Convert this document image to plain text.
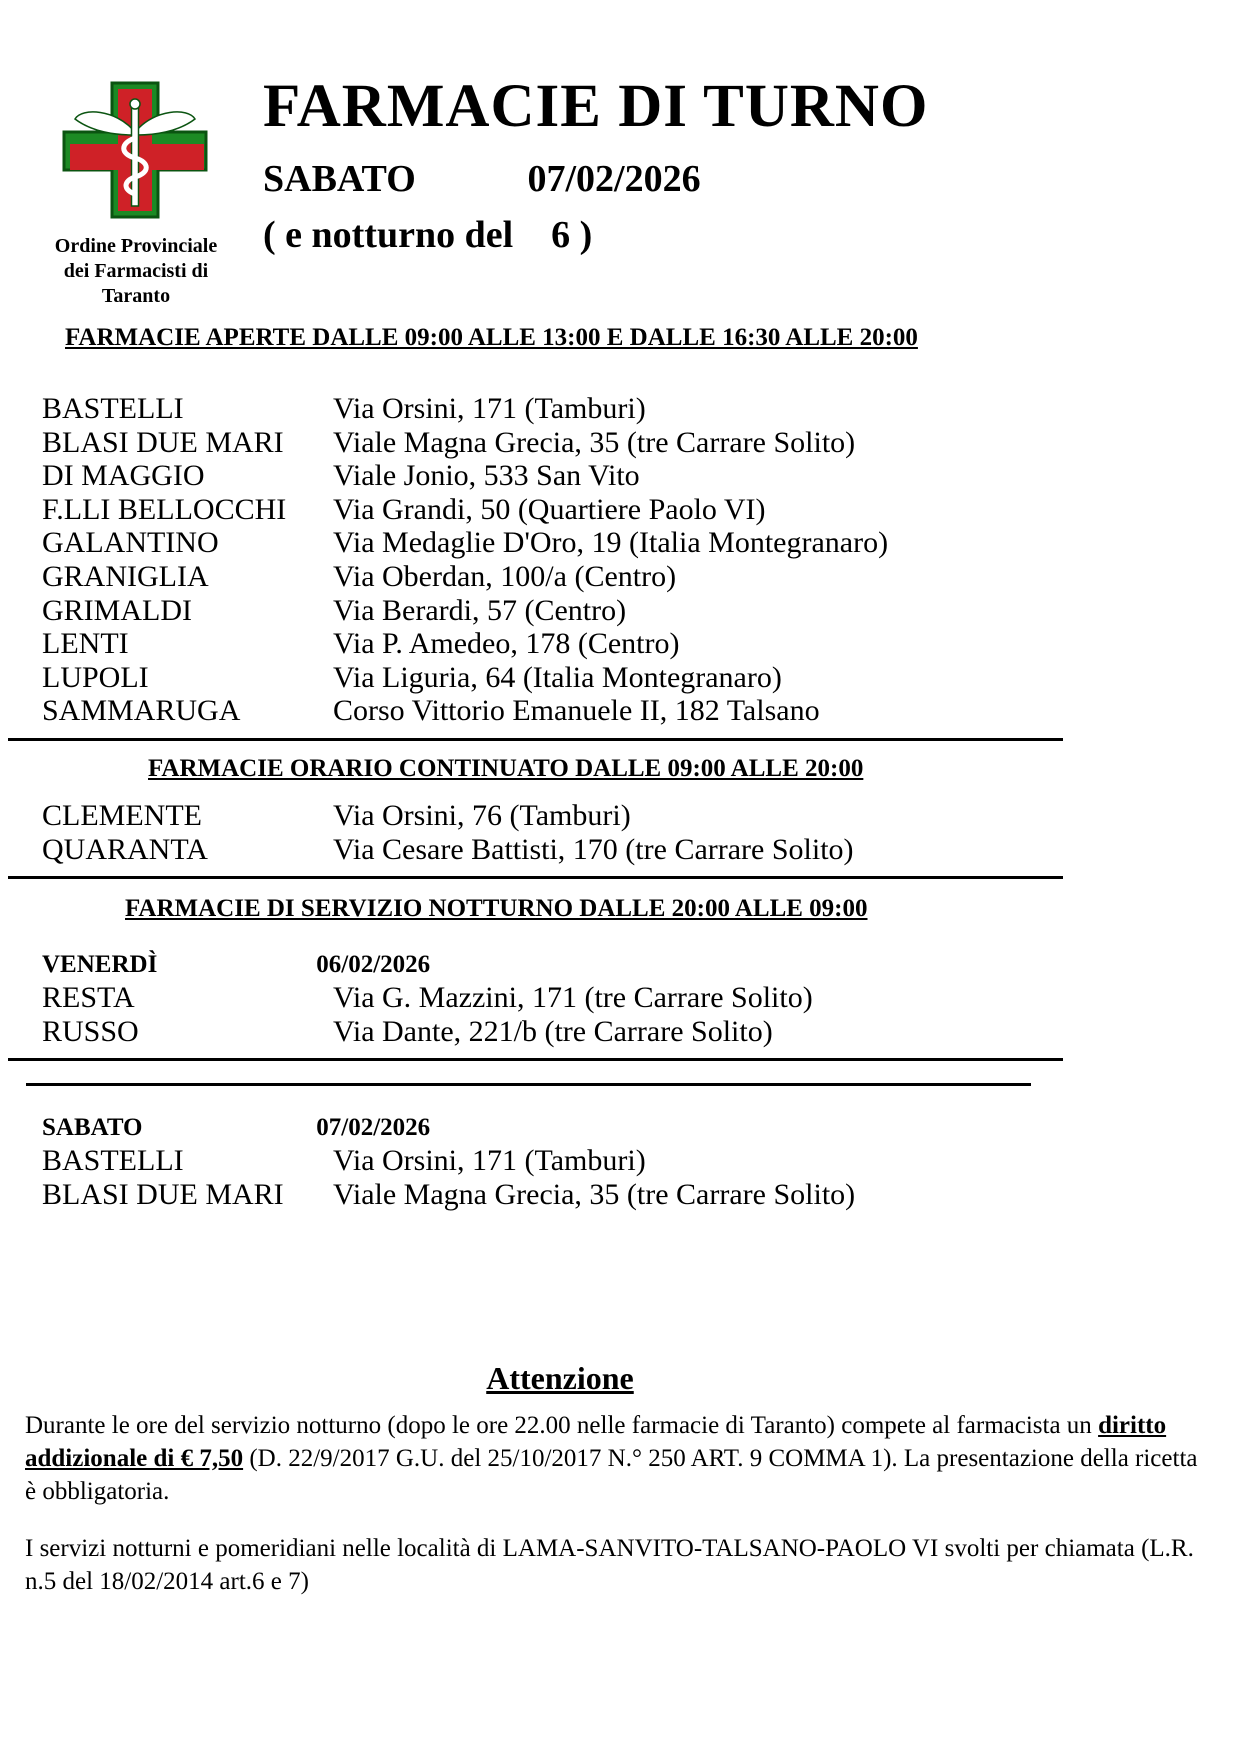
Ordine Provinciale
dei Farmacisti di
Taranto
FARMACIE DI TURNO
SABATO	07/02/2026
( e notturno del    6 )
FARMACIE APERTE DALLE 09:00 ALLE 13:00 E DALLE 16:30 ALLE 20:00
BASTELLI	Via Orsini, 171 (Tamburi)
BLASI DUE MARI	Viale Magna Grecia, 35 (tre Carrare Solito)
DI MAGGIO	Viale Jonio, 533 San Vito
F.LLI BELLOCCHI	Via Grandi, 50 (Quartiere Paolo VI)
GALANTINO	Via Medaglie D'Oro, 19 (Italia Montegranaro)
GRANIGLIA	Via Oberdan, 100/a (Centro)
GRIMALDI	Via Berardi, 57 (Centro)
LENTI	Via P. Amedeo, 178 (Centro)
LUPOLI	Via Liguria, 64 (Italia Montegranaro)
SAMMARUGA	Corso Vittorio Emanuele II, 182 Talsano
FARMACIE ORARIO CONTINUATO DALLE 09:00 ALLE 20:00
CLEMENTE	Via Orsini, 76 (Tamburi)
QUARANTA	Via Cesare Battisti, 170 (tre Carrare Solito)
FARMACIE DI SERVIZIO NOTTURNO DALLE 20:00 ALLE 09:00
VENERDÌ	06/02/2026
RESTA	Via G. Mazzini, 171 (tre Carrare Solito)
RUSSO	Via Dante, 221/b (tre Carrare Solito)
SABATO	07/02/2026
BASTELLI	Via Orsini, 171 (Tamburi)
BLASI DUE MARI	Viale Magna Grecia, 35 (tre Carrare Solito)
Attenzione

Durante le ore del servizio notturno (dopo le ore 22.00 nelle farmacie di Taranto) compete al farmacista un diritto addizionale di € 7,50 (D. 22/9/2017 G.U. del 25/10/2017 N.° 250 ART. 9 COMMA 1). La presentazione della ricetta è obbligatoria.

I servizi notturni e pomeridiani nelle località di LAMA-SANVITO-TALSANO-PAOLO VI svolti per chiamata (L.R. n.5 del 18/02/2014 art.6 e 7)
